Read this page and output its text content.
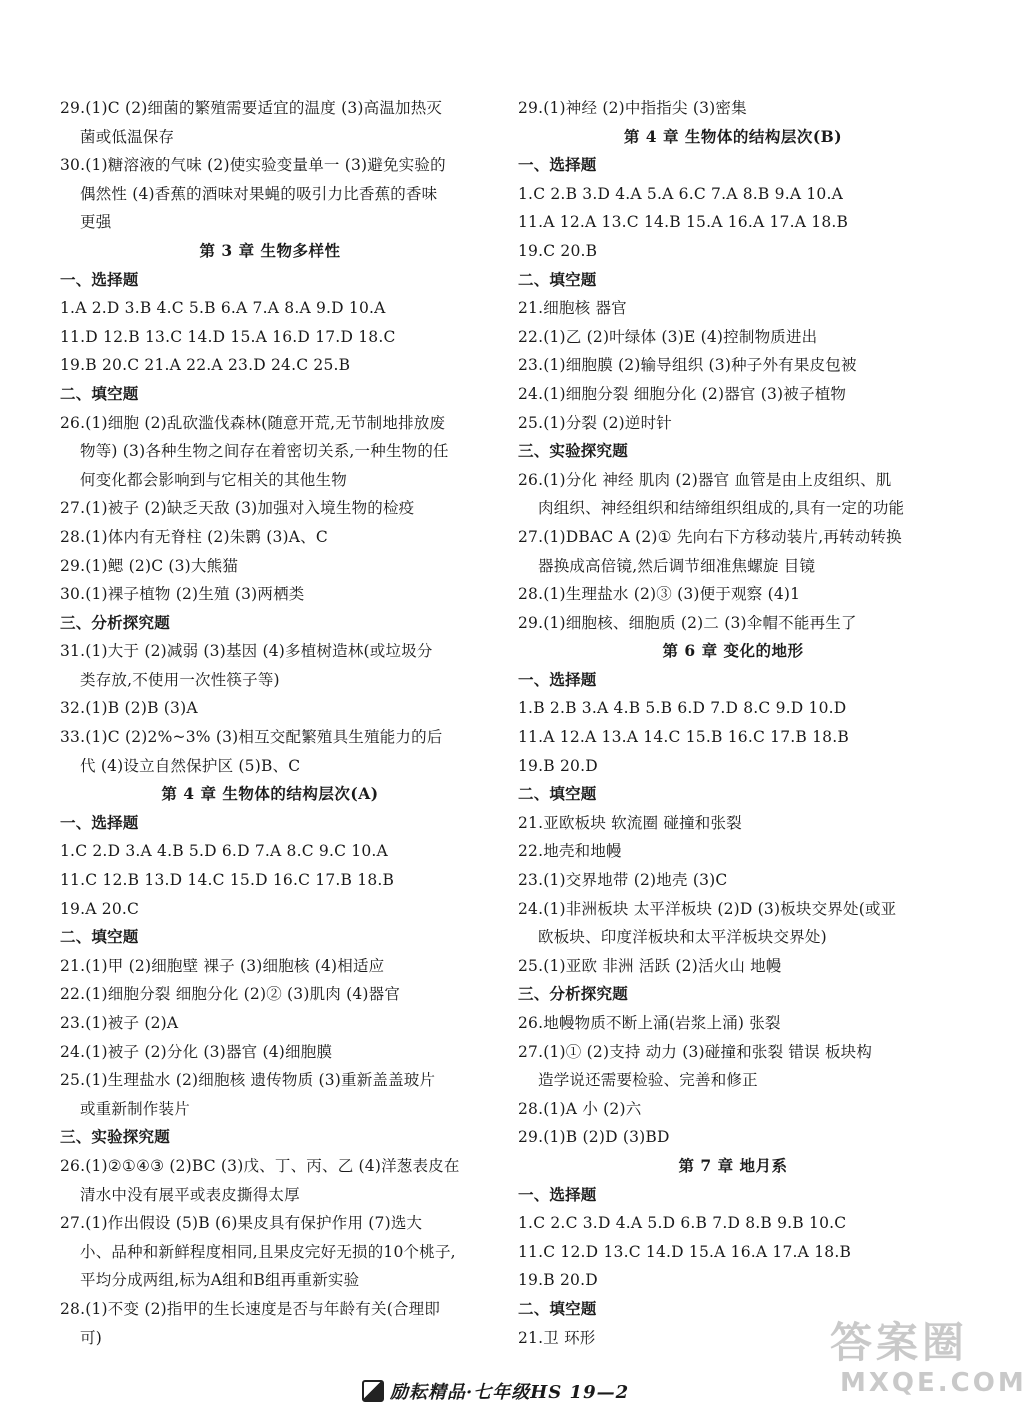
29.(1)C (2)细菌的繁殖需要适宜的温度 (3)高温加热灭
菌或低温保存
30.(1)糖溶液的气味 (2)使实验变量单一 (3)避免实验的
偶然性 (4)香蕉的酒味对果蝇的吸引力比香蕉的香味
更强
第 3 章 生物多样性
一、选择题
1.A 2.D 3.B 4.C 5.B 6.A 7.A 8.A 9.D 10.A
11.D 12.B 13.C 14.D 15.A 16.D 17.D 18.C
19.B 20.C 21.A 22.A 23.D 24.C 25.B
二、填空题
26.(1)细胞 (2)乱砍滥伐森林(随意开荒,无节制地排放废
物等) (3)各种生物之间存在着密切关系,一种生物的任
何变化都会影响到与它相关的其他生物
27.(1)被子 (2)缺乏天敌 (3)加强对入境生物的检疫
28.(1)体内有无脊柱 (2)朱鹮 (3)A、C
29.(1)鳃 (2)C (3)大熊猫
30.(1)裸子植物 (2)生殖 (3)两栖类
三、分析探究题
31.(1)大于 (2)减弱 (3)基因 (4)多植树造林(或垃圾分
类存放,不使用一次性筷子等)
32.(1)B (2)B (3)A
33.(1)C (2)2%~3% (3)相互交配繁殖具生殖能力的后
代 (4)设立自然保护区 (5)B、C
第 4 章 生物体的结构层次(A)
一、选择题
1.C 2.D 3.A 4.B 5.D 6.D 7.A 8.C 9.C 10.A
11.C 12.B 13.D 14.C 15.D 16.C 17.B 18.B
19.A 20.C
二、填空题
21.(1)甲 (2)细胞壁 裸子 (3)细胞核 (4)相适应
22.(1)细胞分裂 细胞分化 (2)② (3)肌肉 (4)器官
23.(1)被子 (2)A
24.(1)被子 (2)分化 (3)器官 (4)细胞膜
25.(1)生理盐水 (2)细胞核 遗传物质 (3)重新盖盖玻片
或重新制作装片
三、实验探究题
26.(1)②①④③ (2)BC (3)戊、丁、丙、乙 (4)洋葱表皮在
清水中没有展平或表皮撕得太厚
27.(1)作出假设 (5)B (6)果皮具有保护作用 (7)选大
小、品种和新鲜程度相同,且果皮完好无损的10个桃子,
平均分成两组,标为A组和B组再重新实验
28.(1)不变 (2)指甲的生长速度是否与年龄有关(合理即
可)
29.(1)神经 (2)中指指尖 (3)密集
第 4 章 生物体的结构层次(B)
一、选择题
1.C 2.B 3.D 4.A 5.A 6.C 7.A 8.B 9.A 10.A
11.A 12.A 13.C 14.B 15.A 16.A 17.A 18.B
19.C 20.B
二、填空题
21.细胞核 器官
22.(1)乙 (2)叶绿体 (3)E (4)控制物质进出
23.(1)细胞膜 (2)输导组织 (3)种子外有果皮包被
24.(1)细胞分裂 细胞分化 (2)器官 (3)被子植物
25.(1)分裂 (2)逆时针
三、实验探究题
26.(1)分化 神经 肌肉 (2)器官 血管是由上皮组织、肌
肉组织、神经组织和结缔组织组成的,具有一定的功能
27.(1)DBAC A (2)① 先向右下方移动装片,再转动转换
器换成高倍镜,然后调节细准焦螺旋 目镜
28.(1)生理盐水 (2)③ (3)便于观察 (4)1
29.(1)细胞核、细胞质 (2)二 (3)伞帽不能再生了
第 6 章 变化的地形
一、选择题
1.B 2.B 3.A 4.B 5.B 6.D 7.D 8.C 9.D 10.D
11.A 12.A 13.A 14.C 15.B 16.C 17.B 18.B
19.B 20.D
二、填空题
21.亚欧板块 软流圈 碰撞和张裂
22.地壳和地幔
23.(1)交界地带 (2)地壳 (3)C
24.(1)非洲板块 太平洋板块 (2)D (3)板块交界处(或亚
欧板块、印度洋板块和太平洋板块交界处)
25.(1)亚欧 非洲 活跃 (2)活火山 地幔
三、分析探究题
26.地幔物质不断上涌(岩浆上涌) 张裂
27.(1)① (2)支持 动力 (3)碰撞和张裂 错误 板块构
造学说还需要检验、完善和修正
28.(1)A 小 (2)六
29.(1)B (2)D (3)BD
第 7 章 地月系
一、选择题
1.C 2.C 3.D 4.A 5.D 6.B 7.D 8.B 9.B 10.C
11.C 12.D 13.C 14.D 15.A 16.A 17.A 18.B
19.B 20.D
二、填空题
21.卫 环形
励耘精品·七年级HS 19—2
答案圈
MXQE.COM
